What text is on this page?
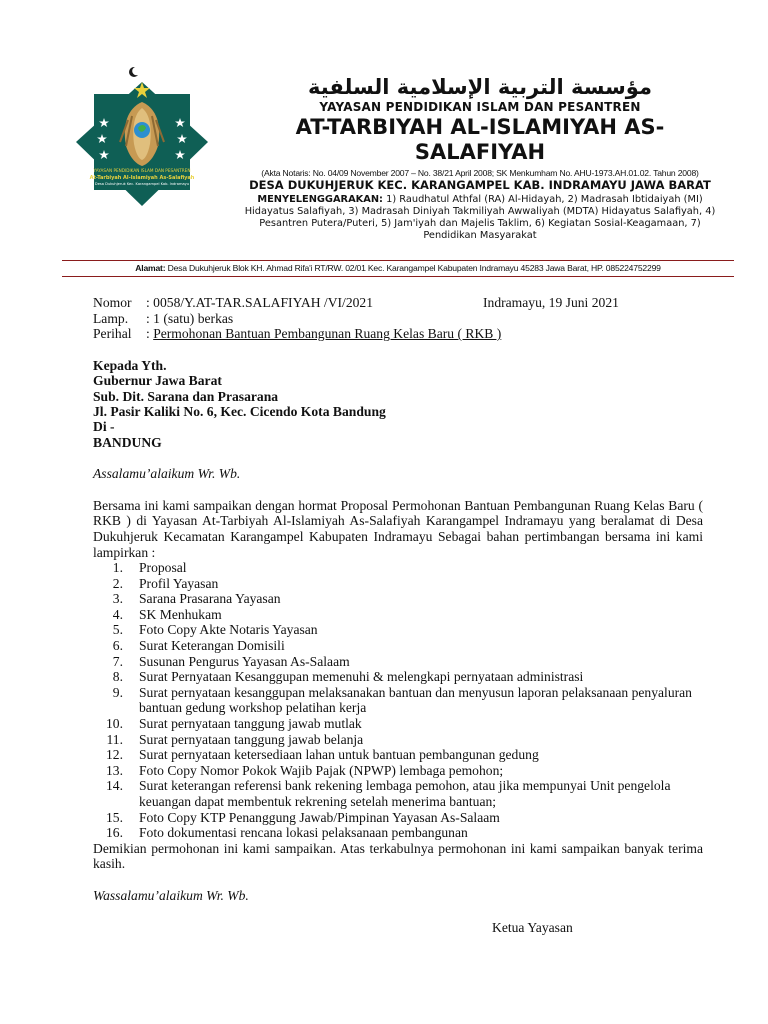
YAYASAN PENDIDIKAN ISLAM DAN PESANTREN
At-Tarbiyah Al-Islamiyah As-Salafiyah
Desa Dukuhjeruk Kec. Karangampel Kab. Indramayu
مؤسسة التربية الإسلامية السلفية
YAYASAN PENDIDIKAN ISLAM DAN PESANTREN
AT-TARBIYAH AL-ISLAMIYAH AS-
SALAFIYAH
(Akta Notaris: No. 04/09 November 2007 – No. 38/21 April 2008; SK Menkumham No. AHU-1973.AH.01.02. Tahun 2008)
DESA DUKUHJERUK KEC. KARANGAMPEL KAB. INDRAMAYU JAWA BARAT
MENYELENGGARAKAN: 1) Raudhatul Athfal (RA) Al-Hidayah, 2) Madrasah Ibtidaiyah (MI) Hidayatus Salafiyah, 3) Madrasah Diniyah Takmiliyah Awwaliyah (MDTA) Hidayatus Salafiyah, 4) Pesantren Putera/Puteri, 5) Jam'iyah dan Majelis Taklim, 6) Kegiatan Sosial-Keagamaan, 7) Pendidikan Masyarakat
Alamat: Desa Dukuhjeruk Blok KH. Ahmad Rifa'i RT/RW. 02/01 Kec. Karangampel Kabupaten Indramayu 45283 Jawa Barat, HP. 085224752299
Nomor : 0058/Y.AT-TAR.SALAFIYAH /VI/2021	Indramayu, 19 Juni 2021
Lamp. : 1 (satu) berkas
Perihal : Permohonan Bantuan Pembangunan Ruang Kelas Baru ( RKB )
Kepada Yth.
Gubernur Jawa Barat
Sub. Dit. Sarana dan Prasarana
Jl. Pasir Kaliki No. 6, Kec. Cicendo Kota Bandung
Di -
BANDUNG
Assalamu’alaikum Wr. Wb.
Bersama ini kami sampaikan dengan hormat Proposal Permohonan Bantuan Pembangunan Ruang Kelas Baru ( RKB ) di Yayasan At-Tarbiyah Al-Islamiyah As-Salafiyah Karangampel Indramayu yang beralamat di Desa Dukuhjeruk Kecamatan Karangampel Kabupaten Indramayu Sebagai bahan pertimbangan bersama ini kami lampirkan :
1. Proposal
2. Profil Yayasan
3. Sarana Prasarana Yayasan
4. SK Menhukam
5. Foto Copy Akte Notaris Yayasan
6. Surat Keterangan Domisili
7. Susunan Pengurus Yayasan As-Salaam
8. Surat Pernyataan Kesanggupan memenuhi & melengkapi pernyataan administrasi
9. Surat pernyataan kesanggupan melaksanakan bantuan dan menyusun laporan pelaksanaan penyaluran bantuan gedung workshop pelatihan kerja
10. Surat pernyataan tanggung jawab mutlak
11. Surat pernyataan tanggung jawab belanja
12. Surat pernyataan ketersediaan lahan untuk bantuan pembangunan gedung
13. Foto Copy Nomor Pokok Wajib Pajak (NPWP) lembaga pemohon;
14. Surat keterangan referensi bank rekening lembaga pemohon, atau jika mempunyai Unit pengelola keuangan dapat membentuk rekrening setelah menerima bantuan;
15. Foto Copy KTP Penanggung Jawab/Pimpinan Yayasan As-Salaam
16. Foto dokumentasi rencana lokasi pelaksanaan pembangunan
Demikian permohonan ini kami sampaikan. Atas terkabulnya permohonan ini kami sampaikan banyak terima kasih.
Wassalamu’alaikum Wr. Wb.
Ketua Yayasan
